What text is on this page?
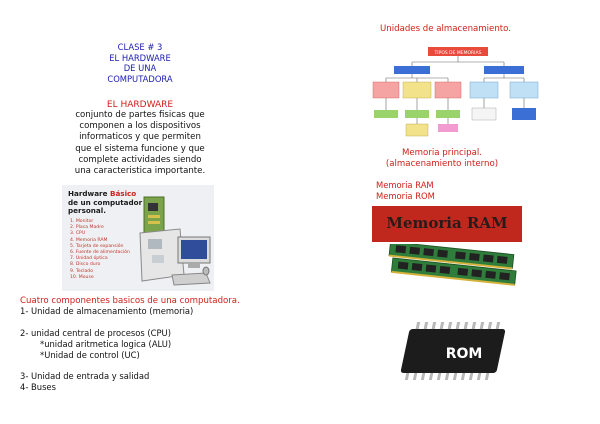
CLASE # 3
EL HARDWARE
DE UNA
COMPUTADORA
EL HARDWARE
conjunto de partes fisicas que
componen a los dispositivos
informaticos y que permiten
que el sistema funcione y que
complete actividades siendo
una caracteristica importante.
Hardware Básico
de un computador
personal.
1. Monitor
2. Placa Madre
3. CPU
4. Memoria RAM
5. Tarjeta de expansión
6. Fuente de alimentación
7. Unidad óptica
8. Disco duro
9. Teclado
10. Mouse
Cuatro componentes basicos de una computadora.
1- Unidad de almacenamiento (memoria)
2- unidad central de procesos (CPU)
*unidad aritmetica logica (ALU)
*Unidad de control (UC)
3- Unidad de entrada y salidad
4- Buses
Unidades de almacenamiento.
TIPOS DE MEMORIAS
Memoria principal.
(almacenamiento interno)
Memoria RAM
Memoria ROM
Memoria RAM
ROM
